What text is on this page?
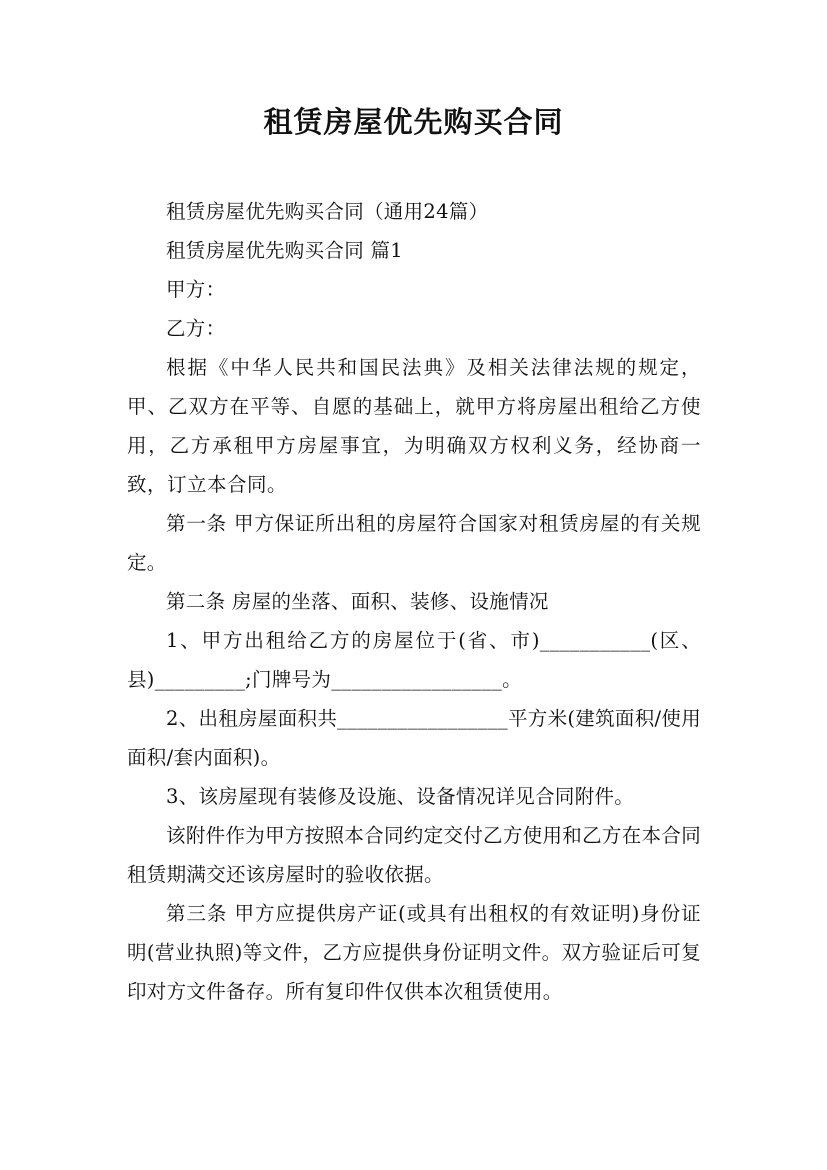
租赁房屋优先购买合同

租赁房屋优先购买合同（通用24篇）

租赁房屋优先购买合同 篇1

甲方：

乙方：

根据《中华人民共和国民法典》及相关法律法规的规定，甲、乙双方在平等、自愿的基础上，就甲方将房屋出租给乙方使用，乙方承租甲方房屋事宜，为明确双方权利义务，经协商一致，订立本合同。

第一条 甲方保证所出租的房屋符合国家对租赁房屋的有关规定。

第二条 房屋的坐落、面积、装修、设施情况

1、甲方出租给乙方的房屋位于(省、市)___________(区、县)_________;门牌号为_________________。

2、出租房屋面积共_________________平方米(建筑面积/使用面积/套内面积)。

3、该房屋现有装修及设施、设备情况详见合同附件。

该附件作为甲方按照本合同约定交付乙方使用和乙方在本合同租赁期满交还该房屋时的验收依据。

第三条 甲方应提供房产证(或具有出租权的有效证明)身份证明(营业执照)等文件，乙方应提供身份证明文件。双方验证后可复印对方文件备存。所有复印件仅供本次租赁使用。
